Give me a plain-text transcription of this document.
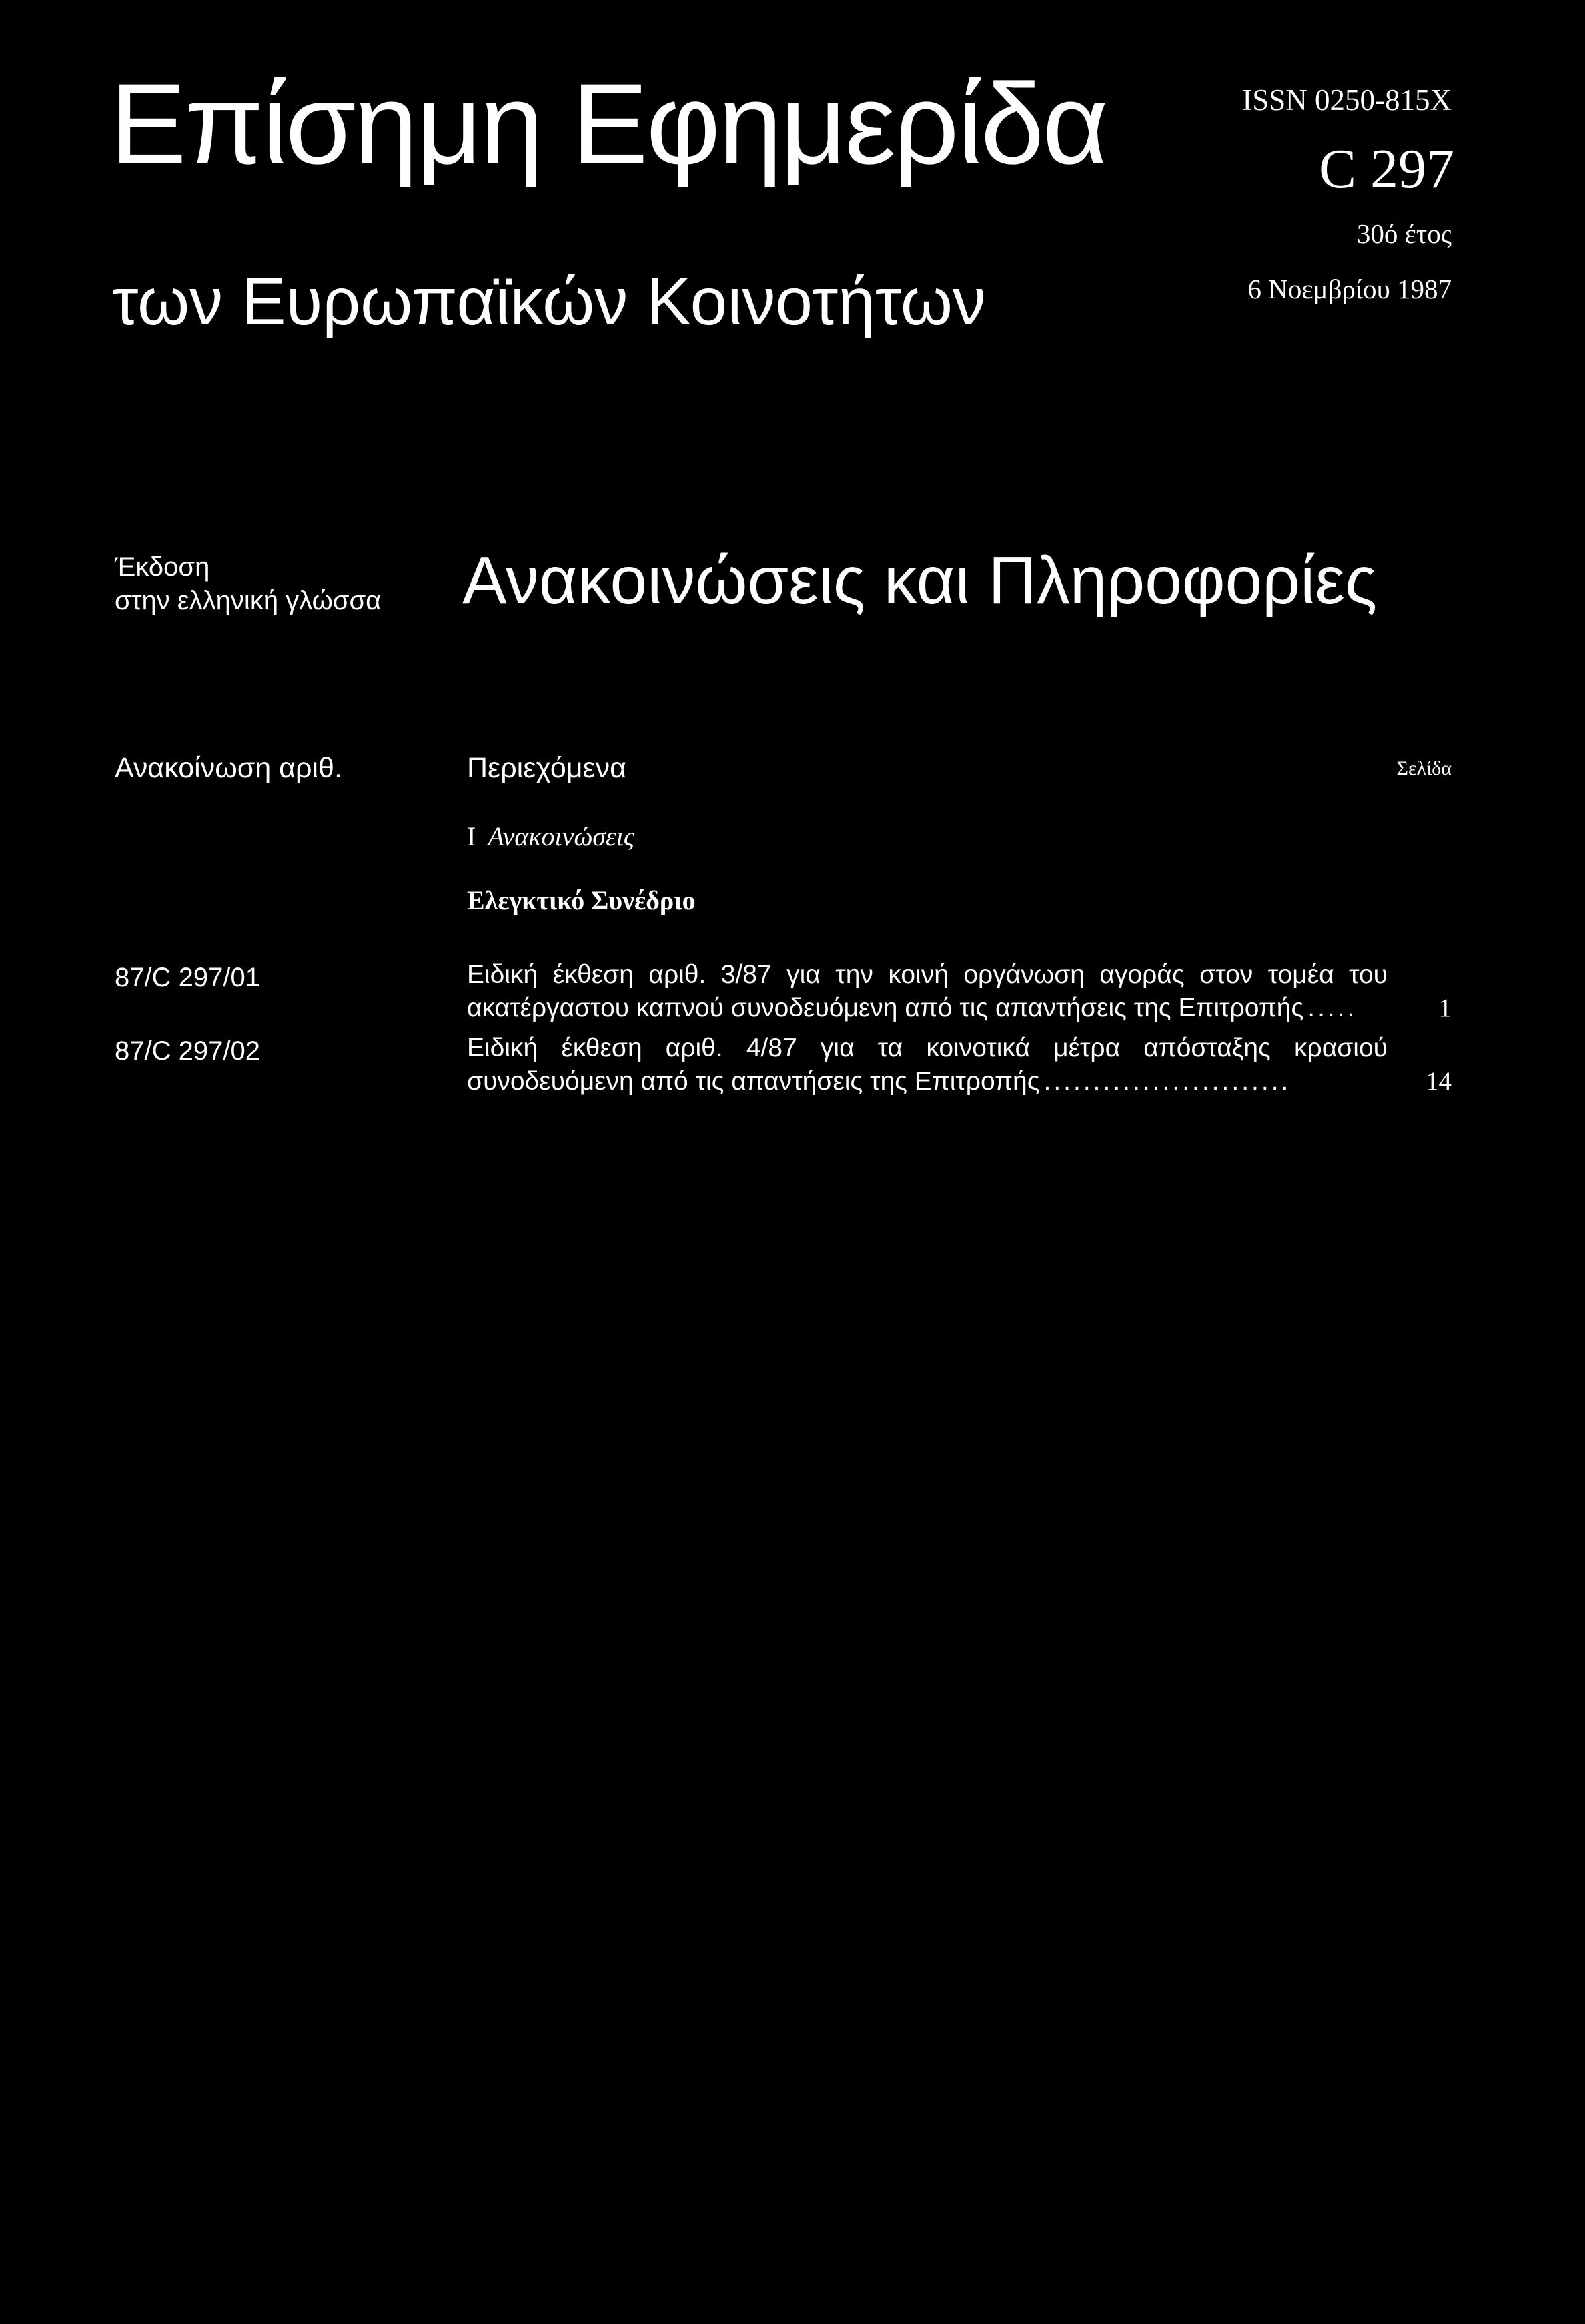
Επίσημη Εφημερίδα
των Ευρωπαϊκών Κοινοτήτων
ISSN 0250-815X
C 297
30ό έτος
6 Νοεμβρίου 1987
Έκδοση
στην ελληνική γλώσσα Ανακοινώσεις και Πληροφορίες
Ανακοίνωση αριθ.	Περιεχόμενα	Σελίδα
I Ανακοινώσεις
Ελεγκτικό Συνέδριο
87/C 297/01	Ειδική έκθεση αριθ. 3/87 για την κοινή οργάνωση αγοράς στον τομέα του
ακατέργαστου καπνού συνοδευόμενη από τις απαντήσεις της Επιτροπής .....	1
87/C 297/02	Ειδική έκθεση αριθ. 4/87 για τα κοινοτικά μέτρα απόσταξης κρασιού
συνοδευόμενη από τις απαντήσεις της Επιτροπής .........................	14
